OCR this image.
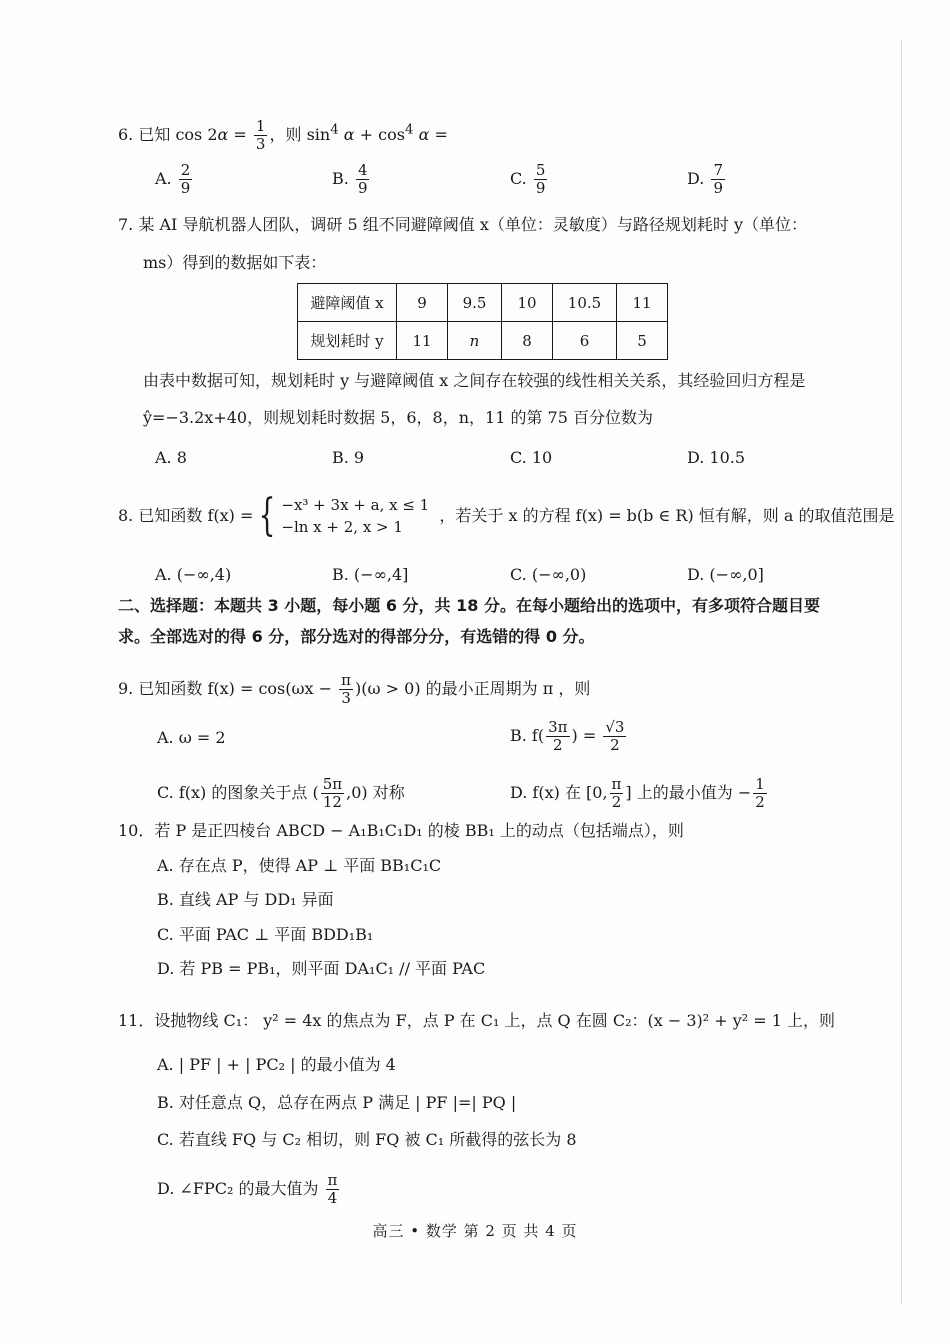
6. 已知 $\cos 2\alpha = \frac{1}{3}$ ，则 $\sin^4 \alpha + \cos^4 \alpha$ =
A. $\frac{2}{9}$	B. $\frac{4}{9}$	C. $\frac{5}{9}$	D. $\frac{7}{9}$
7. 某 AI 导航机器人团队，调研 5 组不同避障阈值 x（单位：灵敏度）与路径规划耗时 y（单位：
ms）得到的数据如下表：
避障阈值 x	9	9.5	10	10.5	11
规划耗时 y	11	n	8	6	5
由表中数据可知，规划耗时 y 与避障阈值 x 之间存在较强的线性相关关系，其经验回归方程是
ŷ=−3.2x+40，则规划耗时数据 5，6，8，n，11 的第 75 百分位数为
A. 8	B. 9	C. 10	D. 10.5
8.
已知函数 f(x) = { −x³ + 3x + a, x ≤ 1
−ln x + 2, x > 1

，若关于 x 的方程 f(x) = b(b ∈ R) 恒有解，则 a 的取值范围是
A. (−∞,4)	B. (−∞,4]	C. (−∞,0)	D. (−∞,0]
二、选择题：本题共 3 小题，每小题 6 分，共 18 分。在每小题给出的选项中，有多项符合题目要
求。全部选对的得 6 分，部分选对的得部分分，有选错的得 0 分。
9. 已知函数 $f(x) = \cos(\omega x - \frac{\pi}{3} )(\omega > 0)$ 的最小正周期为 π ，则
A. ω = 2	B. $f( \frac{3\pi}{2}$ ) = $\frac{√3}{2}$
C. f(x) 的图象关于点 ( $\frac{5\pi}{12} ,0$) 对称	D. f(x) 在 [0, $\frac{\pi}{2}$ ] 上的最小值为 − $\frac{1}{2}$
10．若 P 是正四棱台 ABCD − A₁B₁C₁D₁ 的棱 BB₁ 上的动点（包括端点），则
A. 存在点 P，使得 AP ⊥ 平面 BB₁C₁C
B. 直线 AP 与 DD₁ 异面
C. 平面 PAC ⊥ 平面 BDD₁B₁
D. 若 PB = PB₁，则平面 DA₁C₁ // 平面 PAC
11．设抛物线 C₁： y² = 4x 的焦点为 F，点 P 在 C₁ 上，点 Q 在圆 C₂：(x − 3)² + y² = 1 上，则
A. | PF | + | PC₂ | 的最小值为 4
B. 对任意点 Q，总存在两点 P 满足 | PF |=| PQ |
C. 若直线 FQ 与 C₂ 相切，则 FQ 被 C₁ 所截得的弦长为 8
D. ∠FPC₂ 的最大值为 $\frac{\pi}{4}$
高三 • 数学 第 2 页 共 4 页
